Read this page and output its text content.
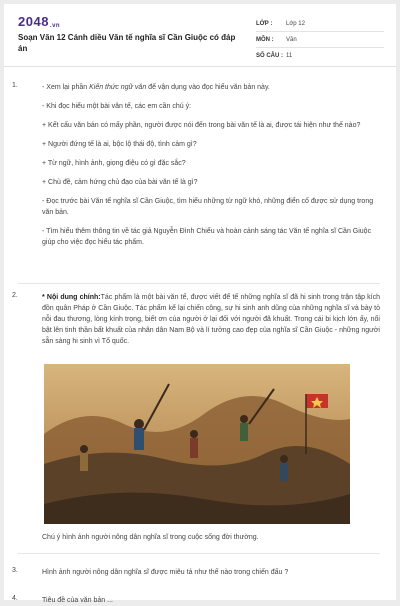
2048.vn
Soạn Văn 12 Cánh diều Văn tế nghĩa sĩ Cần Giuộc có đáp án
LỚP :	Lớp 12
MÔN :	Văn
SỐ CÂU : 11
1.	- Xem lại phần Kiến thức ngữ văn để vận dụng vào đọc hiểu văn bản này.

- Khi đọc hiểu một bài văn tế, các em cần chú ý:

+ Kết cấu văn bản có mấy phần, người được nói đến trong bài văn tế là ai, được tái hiện như thế nào?

+ Người đứng tế là ai, bộc lộ thái độ, tình cảm gì?

+ Từ ngữ, hình ảnh, giọng điệu có gì đặc sắc?

+ Chủ đề, cảm hứng chủ đạo của bài văn tế là gì?

- Đọc trước bài Văn tế nghĩa sĩ Cần Giuộc, tìm hiểu những từ ngữ khó, những điển cố được sử dụng trong văn bản.

- Tìm hiểu thêm thông tin về tác giả Nguyễn Đình Chiểu và hoàn cảnh sáng tác Văn tế nghĩa sĩ Cần Giuộc giúp cho việc đọc hiểu tác phẩm.

2.	* Nội dung chính:Tác phẩm là một bài văn tế, được viết để tế những nghĩa sĩ đã hi sinh trong trận tập kích đồn quân Pháp ở Cần Giuộc. Tác phẩm kể lại chiến công, sự hi sinh anh dũng của những nghĩa sĩ và bày tỏ nỗi đau thương, lòng kính trọng, biết ơn của người ở lại đối với người đã khuất. Trong cái bi kịch lớn ấy, nổi bật lên tinh thần bất khuất của nhân dân Nam Bộ và lí tưởng cao đẹp của nghĩa sĩ Cần Giuộc - những người sẵn sàng hi sinh vì Tổ quốc.
Chú ý hình ảnh người nông dân nghĩa sĩ trong cuộc sống đời thường.
3.	Hình ảnh người nông dân nghĩa sĩ được miêu tả như thế nào trong chiến đấu ?
4.	Tiêu đề của văn bản ...
